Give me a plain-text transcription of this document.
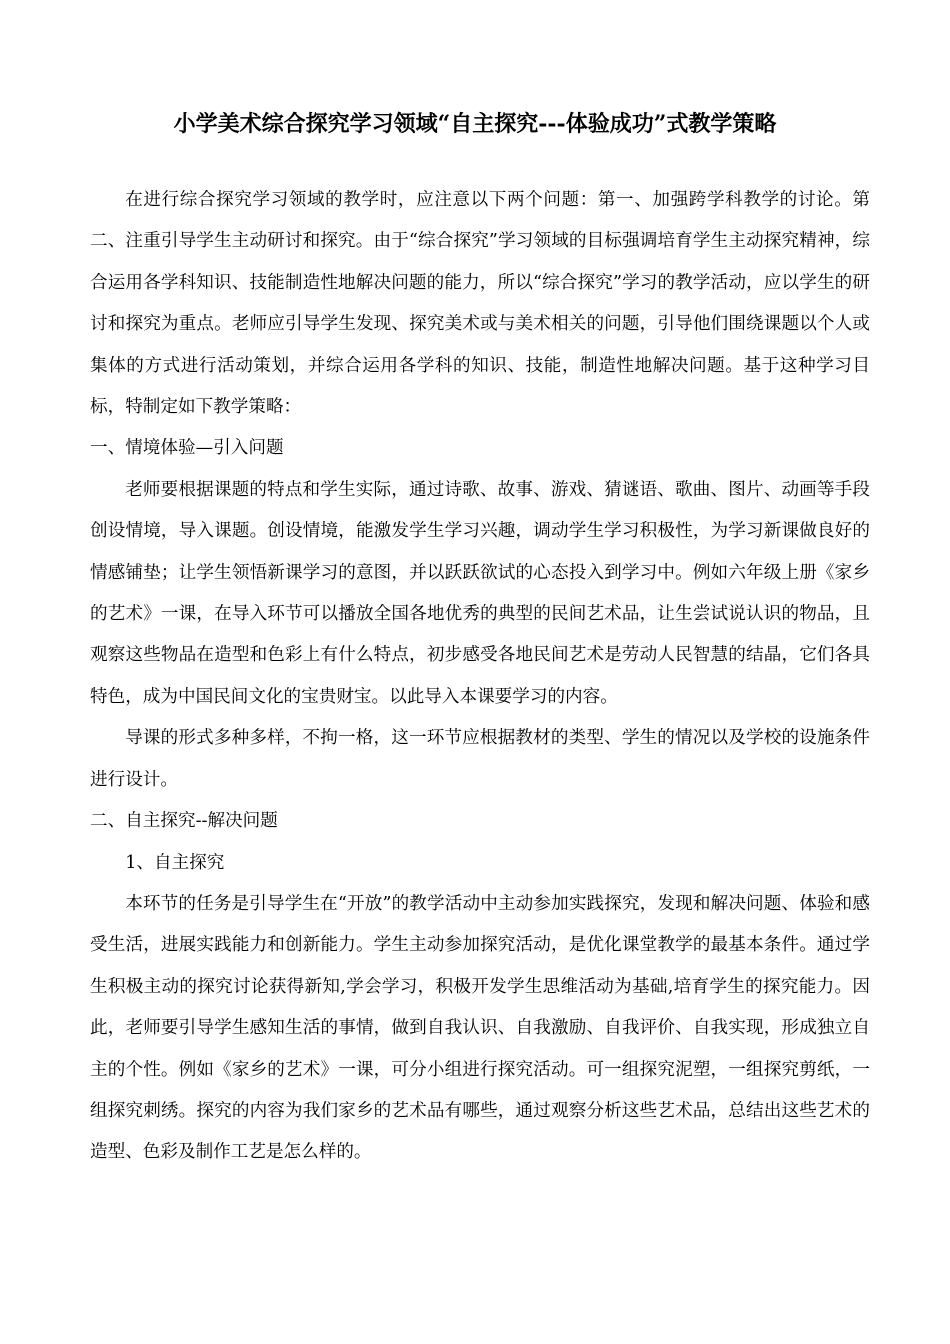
小学美术综合探究学习领域“自主探究---体验成功”式教学策略

在进行综合探究学习领域的教学时，应注意以下两个问题：第一、加强跨学科教学的讨论。第二、注重引导学生主动研讨和探究。由于“综合探究”学习领域的目标强调培育学生主动探究精神，综合运用各学科知识、技能制造性地解决问题的能力，所以“综合探究”学习的教学活动，应以学生的研讨和探究为重点。老师应引导学生发现、探究美术或与美术相关的问题，引导他们围绕课题以个人或集体的方式进行活动策划，并综合运用各学科的知识、技能，制造性地解决问题。基于这种学习目标，特制定如下教学策略：

一、情境体验—引入问题

老师要根据课题的特点和学生实际，通过诗歌、故事、游戏、猜谜语、歌曲、图片、动画等手段创设情境，导入课题。创设情境，能激发学生学习兴趣，调动学生学习积极性，为学习新课做良好的情感铺垫；让学生领悟新课学习的意图，并以跃跃欲试的心态投入到学习中。例如六年级上册《家乡的艺术》一课，在导入环节可以播放全国各地优秀的典型的民间艺术品，让生尝试说认识的物品，且观察这些物品在造型和色彩上有什么特点，初步感受各地民间艺术是劳动人民智慧的结晶，它们各具特色，成为中国民间文化的宝贵财宝。以此导入本课要学习的内容。

导课的形式多种多样，不拘一格，这一环节应根据教材的类型、学生的情况以及学校的设施条件进行设计。

二、自主探究--解决问题

1、自主探究

本环节的任务是引导学生在“开放”的教学活动中主动参加实践探究，发现和解决问题、体验和感受生活，进展实践能力和创新能力。学生主动参加探究活动，是优化课堂教学的最基本条件。通过学生积极主动的探究讨论获得新知,学会学习，积极开发学生思维活动为基础,培育学生的探究能力。因此，老师要引导学生感知生活的事情，做到自我认识、自我激励、自我评价、自我实现，形成独立自主的个性。例如《家乡的艺术》一课，可分小组进行探究活动。可一组探究泥塑，一组探究剪纸，一组探究刺绣。探究的内容为我们家乡的艺术品有哪些，通过观察分析这些艺术品，总结出这些艺术的造型、色彩及制作工艺是怎么样的。
